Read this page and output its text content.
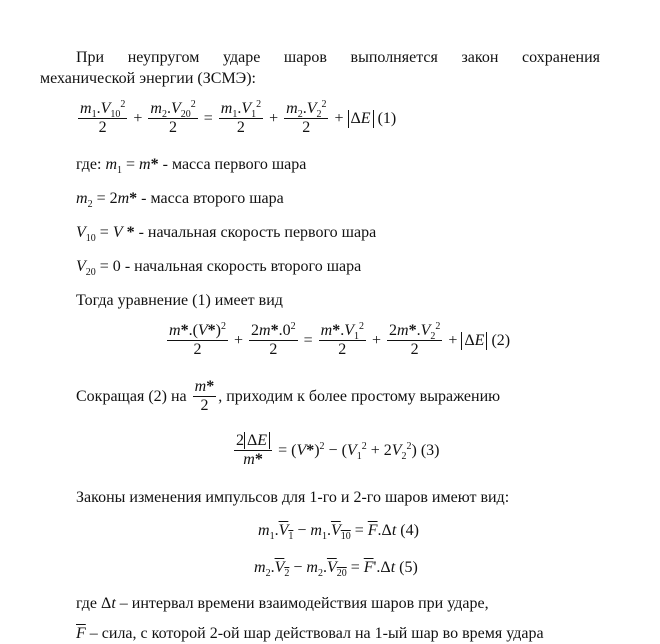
При неупругом ударе шаров выполняется закон сохранения
механической энергии (ЗСМЭ):
$\frac{m_1.V_{10}^2}{2} + \frac{m_2.V_{20}^2}{2} = \frac{m_1.V_1^2}{2} + \frac{m_2.V_2^2}{2} + \Delta E$ (1)
где: $m_1 = m*$ - масса первого шара
$m_2 = 2m*$ - масса второго шара
$V_{10} = V$ * - начальная скорость первого шара
$V_{20} = 0$ - начальная скорость второго шара
Тогда уравнение (1) имеет вид
$\frac{m*.(V*)^2}{2} + \frac{2m*.0^2}{2} = \frac{m*.V_1^2}{2} + \frac{2m*.V_2^2}{2} + \Delta E$ (2)
Сокращая (2) на $\frac{m*}{2}$ , приходим к более простому выражению
$\frac{2 \Delta E}{m*} = (V*)^2 - (V_1^2 + 2V_2^2)$ (3)
Законы изменения импульсов для 1-го и 2-го шаров имеют вид:
$m_1.V_1 - m_1.V_{10} = \overline{F}.\Delta t$ (4)
$m_2.V_2 - m_2.V_{20} = \overline{F}'.\Delta t$ (5)
где Δt – интервал времени взаимодействия шаров при ударе,
$\overline{F}$ – сила, с которой 2-ой шар действовал на 1-ый шар во время удара
